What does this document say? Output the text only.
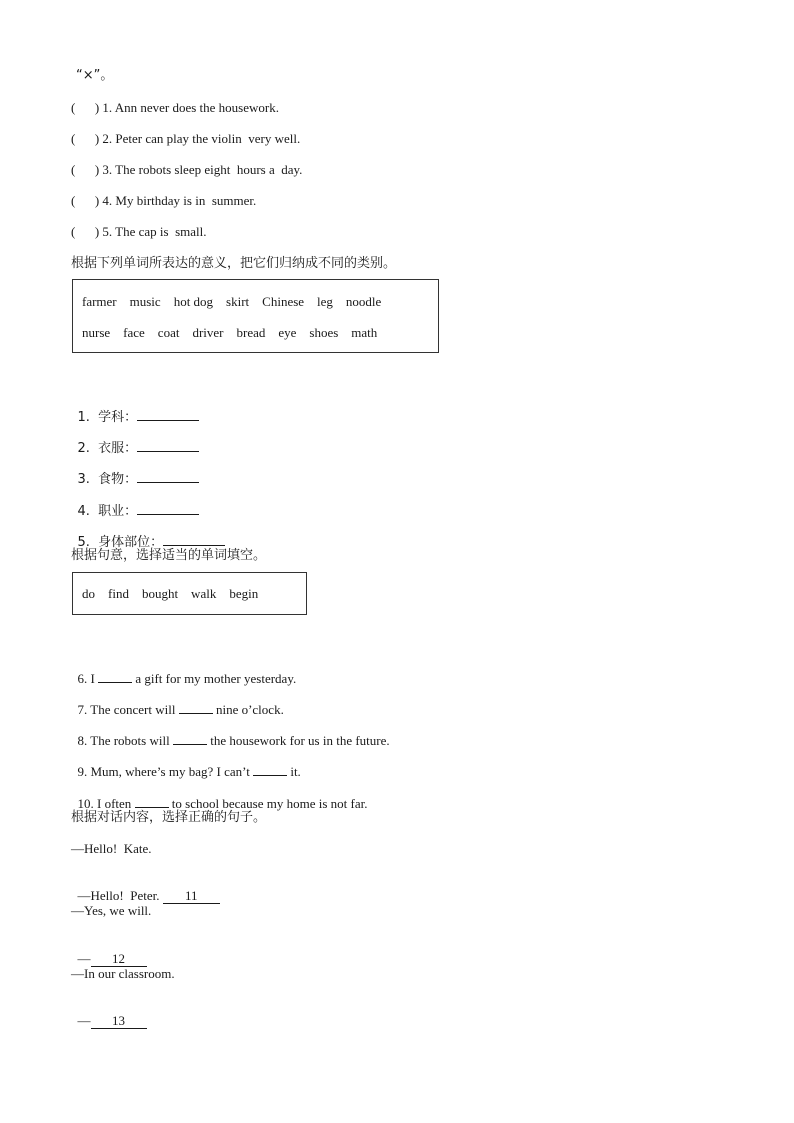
“×”。
(      ) 1. Ann never does the housework.
(      ) 2. Peter can play the violin  very well.
(      ) 3. The robots sleep eight  hours a  day.
(      ) 4. My birthday is in  summer.
(      ) 5. The cap is  small.
根据下列单词所表达的意义，把它们归纳成不同的类别。
farmer    music    hot dog    skirt    Chinese    leg    noodle
nurse    face    coat    driver    bread    eye    shoes    math

1.  学科：

2.  衣服：

3.  食物：

4.  职业：

5.  身体部位：

根据句意，选择适当的单词填空。
do    find    bought    walk    begin

6. I	a gift for my mother yesterday.

7. The concert will	nine o’clock.

8. The robots will	the housework for us in the future.

9. Mum, where’s my bag? I can’t	it.

10. I often	to school because my home is not far.

根据对话内容，选择正确的句子。
—Hello!  Kate.

—Hello!  Peter. 11

—Yes, we will.

— 12

—In our classroom.

— 13
